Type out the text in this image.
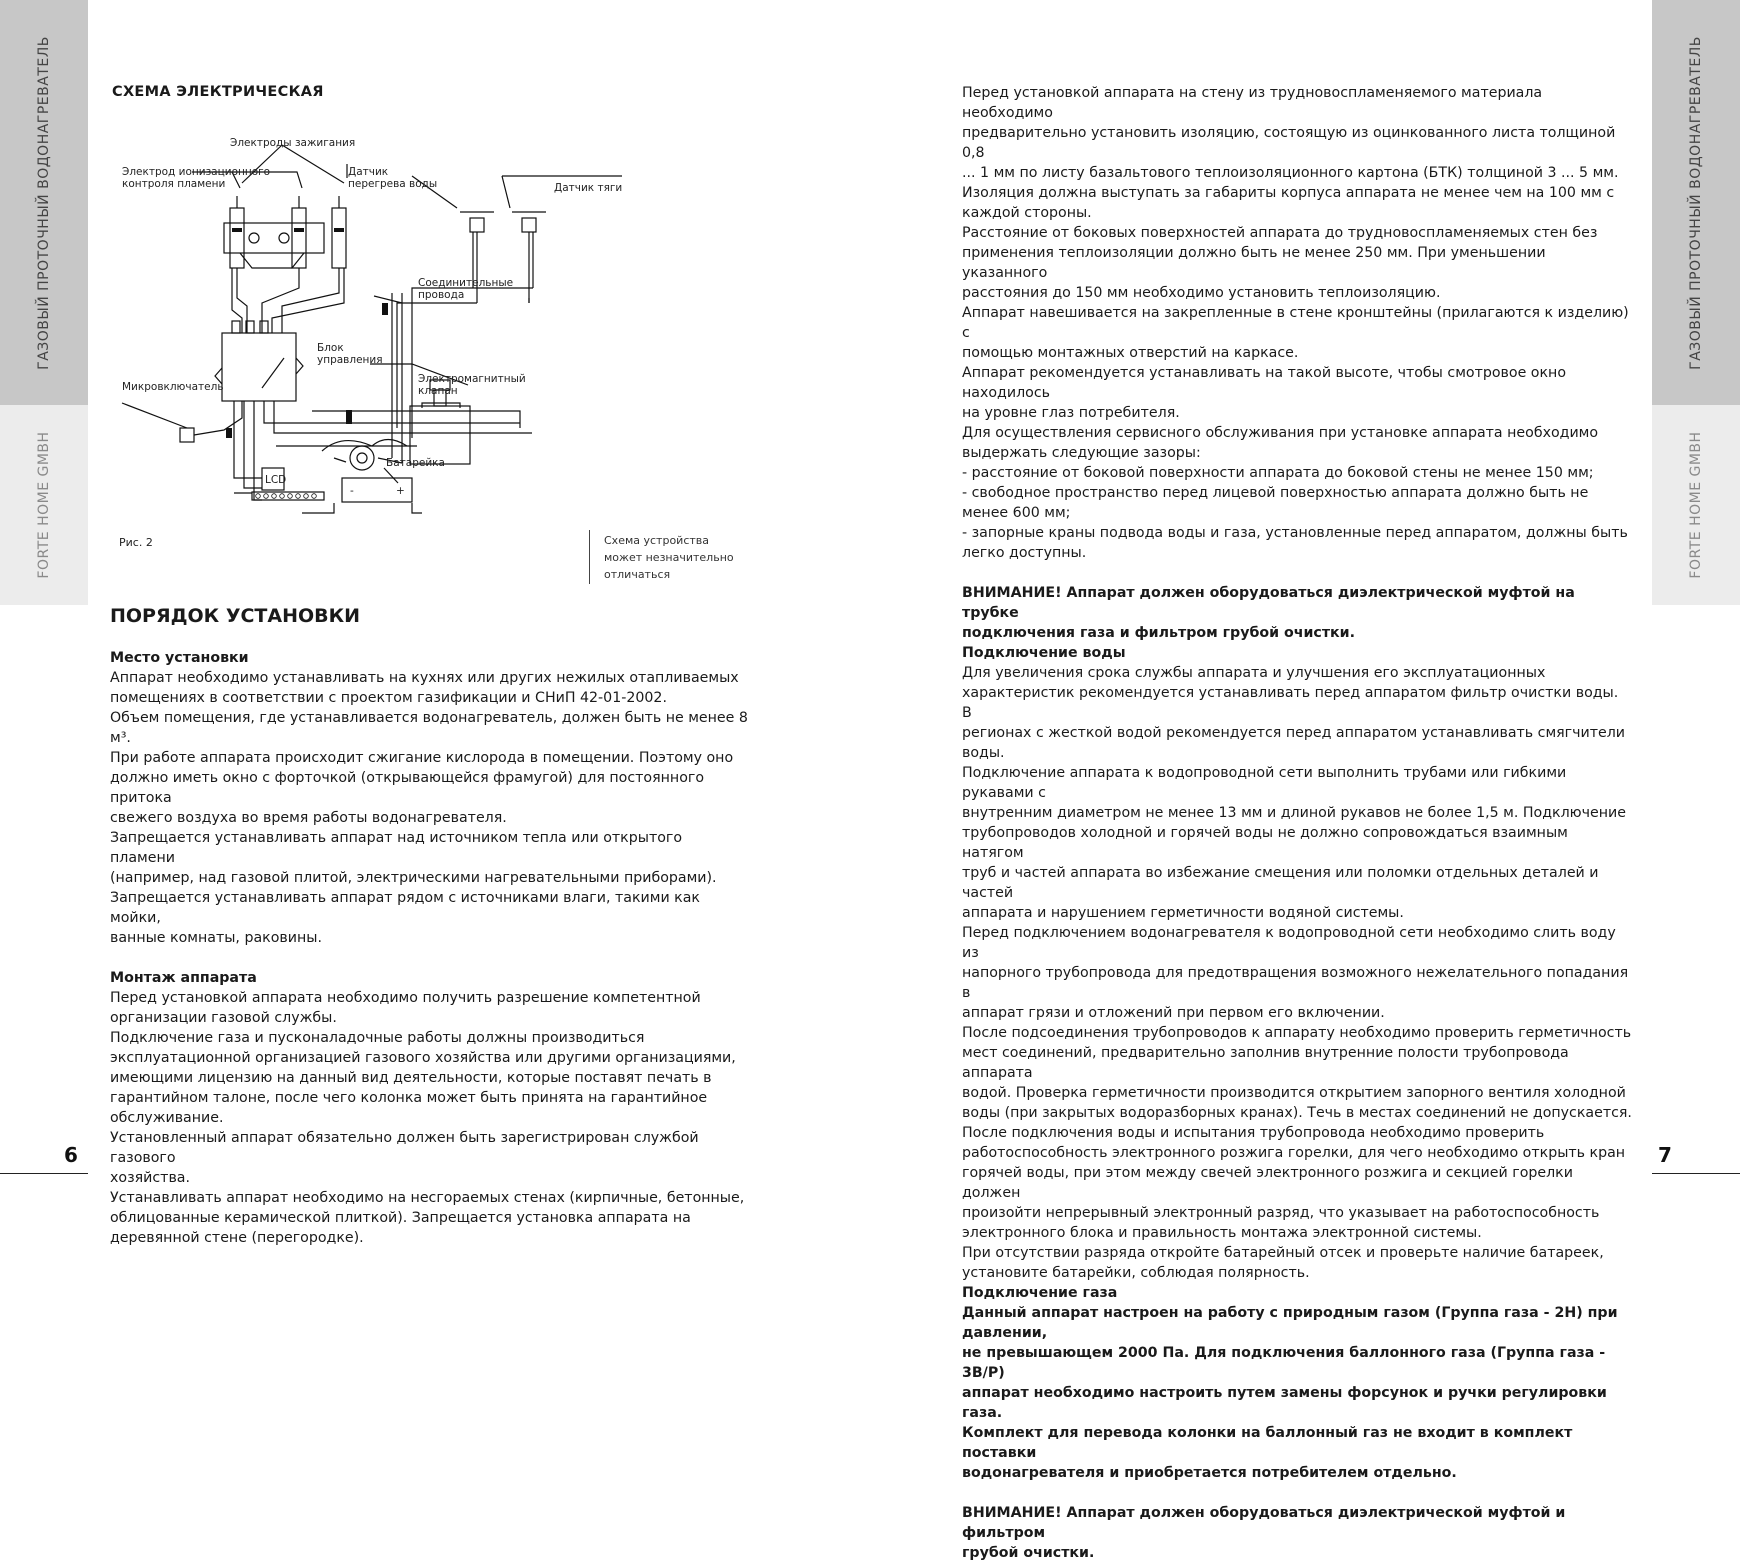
ГАЗОВЫЙ ПРОТОЧНЫЙ ВОДОНАГРЕВАТЕЛЬ
FORTE HOME GMBH
ГАЗОВЫЙ ПРОТОЧНЫЙ ВОДОНАГРЕВАТЕЛЬ
FORTE HOME GMBH
6	7
СХЕМА ЭЛЕКТРИЧЕСКАЯ
Электроды зажигания
Электрод ионизационного
контроля пламени
Датчик
перегрева воды	Датчик тяги
Соединительные
провода
Блок
управления
Микровключатель
Электромагнитный
клапан
LCD
Батарейка
-	+
Рис. 2	Схема устройства

может незначительно

отличаться

ПОРЯДОК УСТАНОВКИ

Место установки

Аппарат необходимо устанавливать на кухнях или других нежилых отапливаемых

помещениях в соответствии с проектом газификации и СНиП 42-01-2002.

Объем помещения, где устанавливается водонагреватель, должен быть не менее 8 м³.

При работе аппарата происходит сжигание кислорода в помещении. Поэтому оно

должно иметь окно с форточкой (открывающейся фрамугой) для постоянного притока

свежего воздуха во время работы водонагревателя.

Запрещается устанавливать аппарат над источником тепла или открытого пламени

(например, над газовой плитой, электрическими нагревательными приборами).

Запрещается устанавливать аппарат рядом с источниками влаги, такими как мойки,

ванные комнаты, раковины.

Монтаж аппарата

Перед установкой аппарата необходимо получить разрешение компетентной

организации газовой службы.

Подключение газа и пусконаладочные работы должны производиться

эксплуатационной организацией газового хозяйства или другими организациями,

имеющими лицензию на данный вид деятельности, которые поставят печать в

гарантийном талоне, после чего колонка может быть принята на гарантийное

обслуживание.

Установленный аппарат обязательно должен быть зарегистрирован службой газового

хозяйства.

Устанавливать аппарат необходимо на несгораемых стенах (кирпичные, бетонные,

облицованные керамической плиткой). Запрещается установка аппарата на

деревянной стене (перегородке).

Перед установкой аппарата на стену из трудновоспламеняемого материала необходимо

предварительно установить изоляцию, состоящую из оцинкованного листа толщиной 0,8

... 1 мм по листу базальтового теплоизоляционного картона (БТК) толщиной 3 ... 5 мм.

Изоляция должна выступать за габариты корпуса аппарата не менее чем на 100 мм с

каждой стороны.

Расстояние от боковых поверхностей аппарата до трудновоспламеняемых стен без

применения теплоизоляции должно быть не менее 250 мм. При уменьшении указанного

расстояния до 150 мм необходимо установить теплоизоляцию.

Аппарат навешивается на закрепленные в стене кронштейны (прилагаются к изделию) с

помощью монтажных отверстий на каркасе.

Аппарат рекомендуется устанавливать на такой высоте, чтобы смотровое окно находилось

на уровне глаз потребителя.

Для осуществления сервисного обслуживания при установке аппарата необходимо

выдержать следующие зазоры:

- расстояние от боковой поверхности аппарата до боковой стены не менее 150 мм;

- свободное пространство перед лицевой поверхностью аппарата должно быть не

менее 600 мм;

- запорные краны подвода воды и газа, установленные перед аппаратом, должны быть

легко доступны.

ВНИМАНИЕ! Аппарат должен оборудоваться диэлектрической муфтой на трубке

подключения газа и фильтром грубой очистки.

Подключение воды

Для увеличения срока службы аппарата и улучшения его эксплуатационных

характеристик рекомендуется устанавливать перед аппаратом фильтр очистки воды. В

регионах с жесткой водой рекомендуется перед аппаратом устанавливать смягчители

воды.

Подключение аппарата к водопроводной сети выполнить трубами или гибкими рукавами с

внутренним диаметром не менее 13 мм и длиной рукавов не более 1,5 м. Подключение

трубопроводов холодной и горячей воды не должно сопровождаться взаимным натягом

труб и частей аппарата во избежание смещения или поломки отдельных деталей и частей

аппарата и нарушением герметичности водяной системы.

Перед подключением водонагревателя к водопроводной сети необходимо слить воду из

напорного трубопровода для предотвращения возможного нежелательного попадания в

аппарат грязи и отложений при первом его включении.

После подсоединения трубопроводов к аппарату необходимо проверить герметичность

мест соединений, предварительно заполнив внутренние полости трубопровода аппарата

водой. Проверка герметичности производится открытием запорного вентиля холодной

воды (при закрытых водоразборных кранах). Течь в местах соединений не допускается.

После подключения воды и испытания трубопровода необходимо проверить

работоспособность электронного розжига горелки, для чего необходимо открыть кран

горячей воды, при этом между свечей электронного розжига и секцией горелки должен

произойти непрерывный электронный разряд, что указывает на работоспособность

электронного блока и правильность монтажа электронной системы.

При отсутствии разряда откройте батарейный отсек и проверьте наличие батареек,

установите батарейки, соблюдая полярность.

Подключение газа

Данный аппарат настроен на работу с природным газом (Группа газа - 2H) при

давлении,

не превышающем 2000 Па. Для подключения баллонного газа (Группа газа - 3B/P)

аппарат необходимо настроить путем замены форсунок и ручки регулировки газа.

Комплект для перевода колонки на баллонный газ не входит в комплект поставки

водонагревателя и приобретается потребителем отдельно.

ВНИМАНИЕ! Аппарат должен оборудоваться диэлектрической муфтой и фильтром

грубой очистки.
